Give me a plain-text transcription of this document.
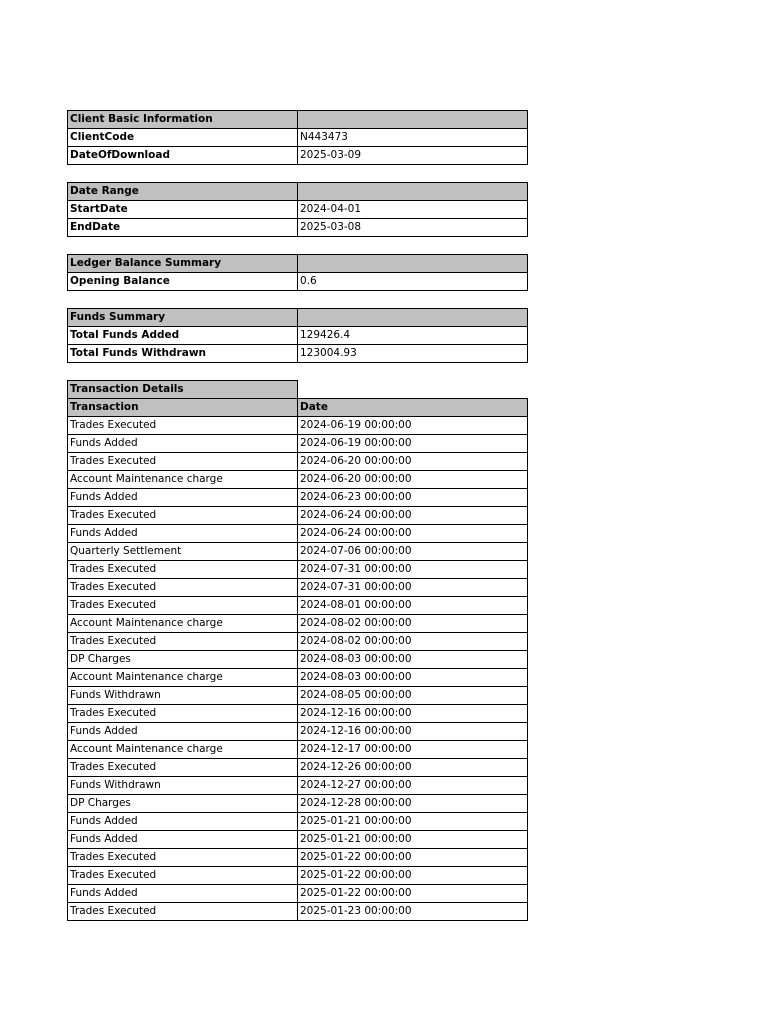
Client Basic Information	
ClientCode	N443473
DateOfDownload	2025-03-09
Date Range	
StartDate	2024-04-01
EndDate	2025-03-08
Ledger Balance Summary	
Opening Balance	0.6
Funds Summary	
Total Funds Added	129426.4
Total Funds Withdrawn	123004.93
Transaction Details	
Transaction	Date
Trades Executed	2024-06-19 00:00:00
Funds Added	2024-06-19 00:00:00
Trades Executed	2024-06-20 00:00:00
Account Maintenance charge	2024-06-20 00:00:00
Funds Added	2024-06-23 00:00:00
Trades Executed	2024-06-24 00:00:00
Funds Added	2024-06-24 00:00:00
Quarterly Settlement	2024-07-06 00:00:00
Trades Executed	2024-07-31 00:00:00
Trades Executed	2024-07-31 00:00:00
Trades Executed	2024-08-01 00:00:00
Account Maintenance charge	2024-08-02 00:00:00
Trades Executed	2024-08-02 00:00:00
DP Charges	2024-08-03 00:00:00
Account Maintenance charge	2024-08-03 00:00:00
Funds Withdrawn	2024-08-05 00:00:00
Trades Executed	2024-12-16 00:00:00
Funds Added	2024-12-16 00:00:00
Account Maintenance charge	2024-12-17 00:00:00
Trades Executed	2024-12-26 00:00:00
Funds Withdrawn	2024-12-27 00:00:00
DP Charges	2024-12-28 00:00:00
Funds Added	2025-01-21 00:00:00
Funds Added	2025-01-21 00:00:00
Trades Executed	2025-01-22 00:00:00
Trades Executed	2025-01-22 00:00:00
Funds Added	2025-01-22 00:00:00
Trades Executed	2025-01-23 00:00:00
